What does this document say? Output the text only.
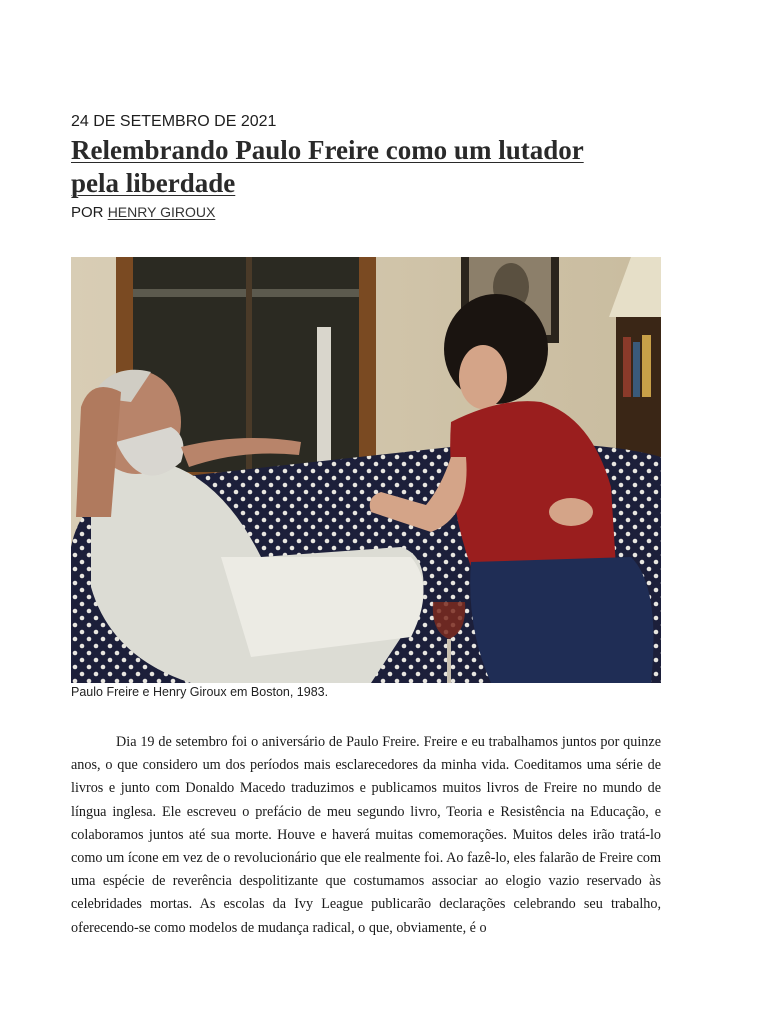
24 DE SETEMBRO DE 2021
Relembrando Paulo Freire como um lutador
pela liberdade
POR HENRY GIROUX
Paulo Freire e Henry Giroux em Boston, 1983.

Dia 19 de setembro foi o aniversário de Paulo Freire. Freire e eu trabalhamos juntos por quinze anos, o que considero um dos períodos mais esclarecedores da minha vida. Coeditamos uma série de livros e junto com Donaldo Macedo traduzimos e publicamos muitos livros de Freire no mundo de língua inglesa. Ele escreveu o prefácio de meu segundo livro, Teoria e Resistência na Educação, e colaboramos juntos até sua morte. Houve e haverá muitas comemorações. Muitos deles irão tratá-lo como um ícone em vez de o revolucionário que ele realmente foi. Ao fazê-lo, eles falarão de Freire com uma espécie de reverência despolitizante que costumamos associar ao elogio vazio reservado às celebridades mortas. As escolas da Ivy League publicarão declarações celebrando seu trabalho, oferecendo-se como modelos de mudança radical, o que, obviamente, é o
